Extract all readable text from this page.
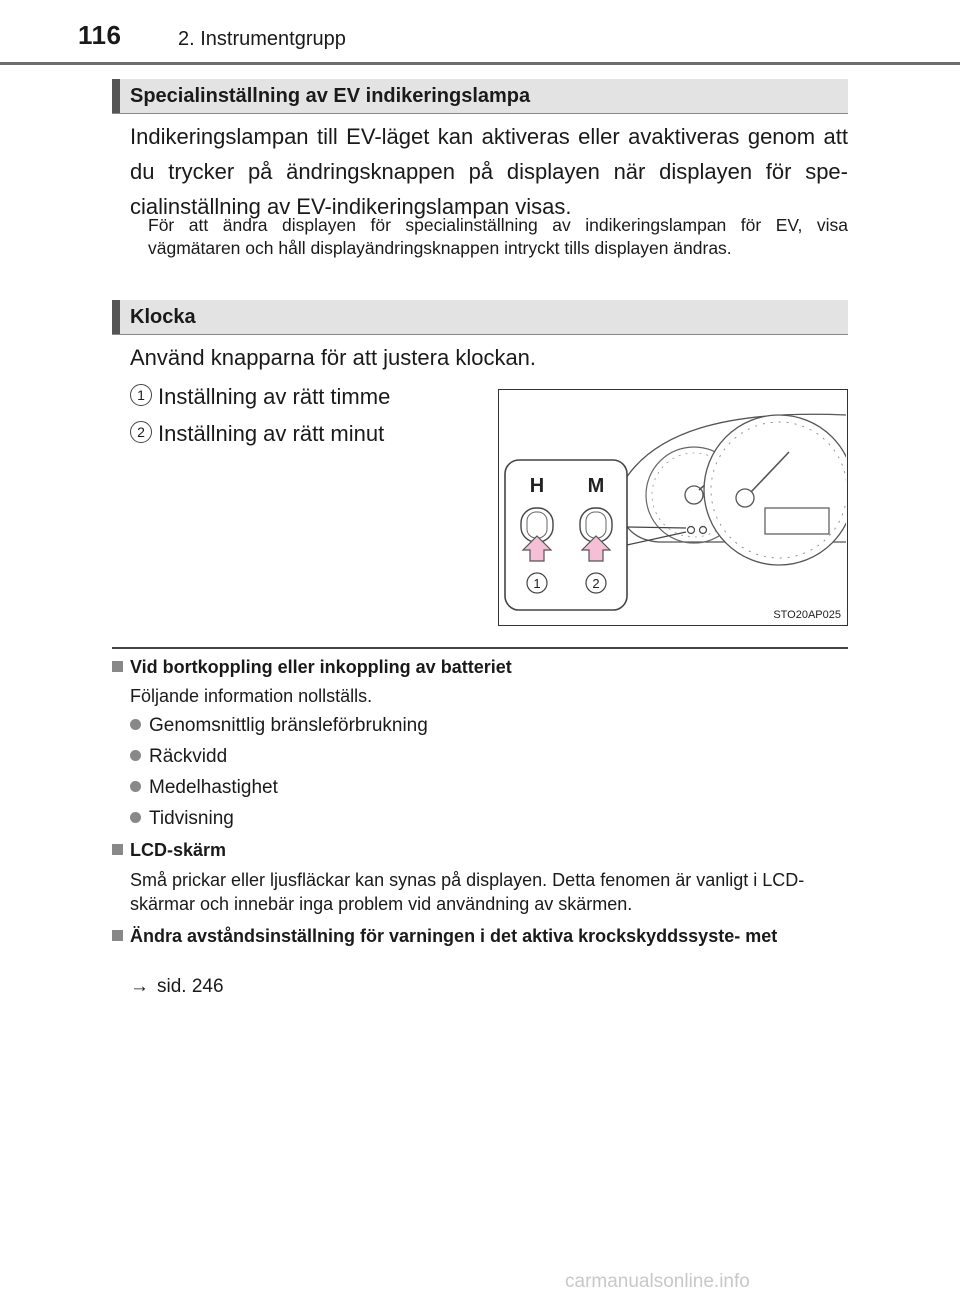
116	2. Instrumentgrupp
Specialinställning av EV indikeringslampa
Indikeringslampan till EV-läget kan aktiveras eller avaktiveras genom att du trycker på ändringsknappen på displayen när displayen för spe- cialinställning av EV-indikeringslampan visas.
För att ändra displayen för specialinställning av indikeringslampan för EV, visa vägmätaren och håll displayändringsknappen intryckt tills displayen ändras.
Klocka
Använd knapparna för att justera klockan.
1 Inställning av rätt timme
2 Inställning av rätt minut
H M
1	2
STO20AP025
Vid bortkoppling eller inkoppling av batteriet
Följande information nollställs.
Genomsnittlig bränsleförbrukning
Räckvidd
Medelhastighet
Tidvisning
LCD-skärm
Små prickar eller ljusfläckar kan synas på displayen. Detta fenomen är vanligt i LCD-skärmar och innebär inga problem vid användning av skärmen.
Ändra avståndsinställning för varningen i det aktiva krockskyddssyste- met
→ sid. 246
carmanualsonline.info
